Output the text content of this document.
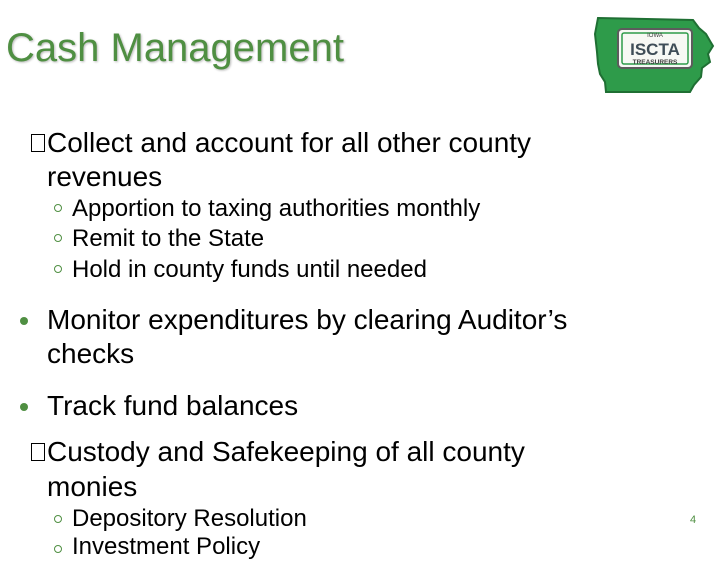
Cash Management	IOWA
ISCTA
TREASURERS

Collect and account for all other county

revenues

Apportion to taxing authorities monthly

Remit to the State

Hold in county funds until needed

Monitor expenditures by clearing Auditor’s

checks

Track fund balances

Custody and Safekeeping of all county

monies

Depository Resolution

Investment Policy

4
